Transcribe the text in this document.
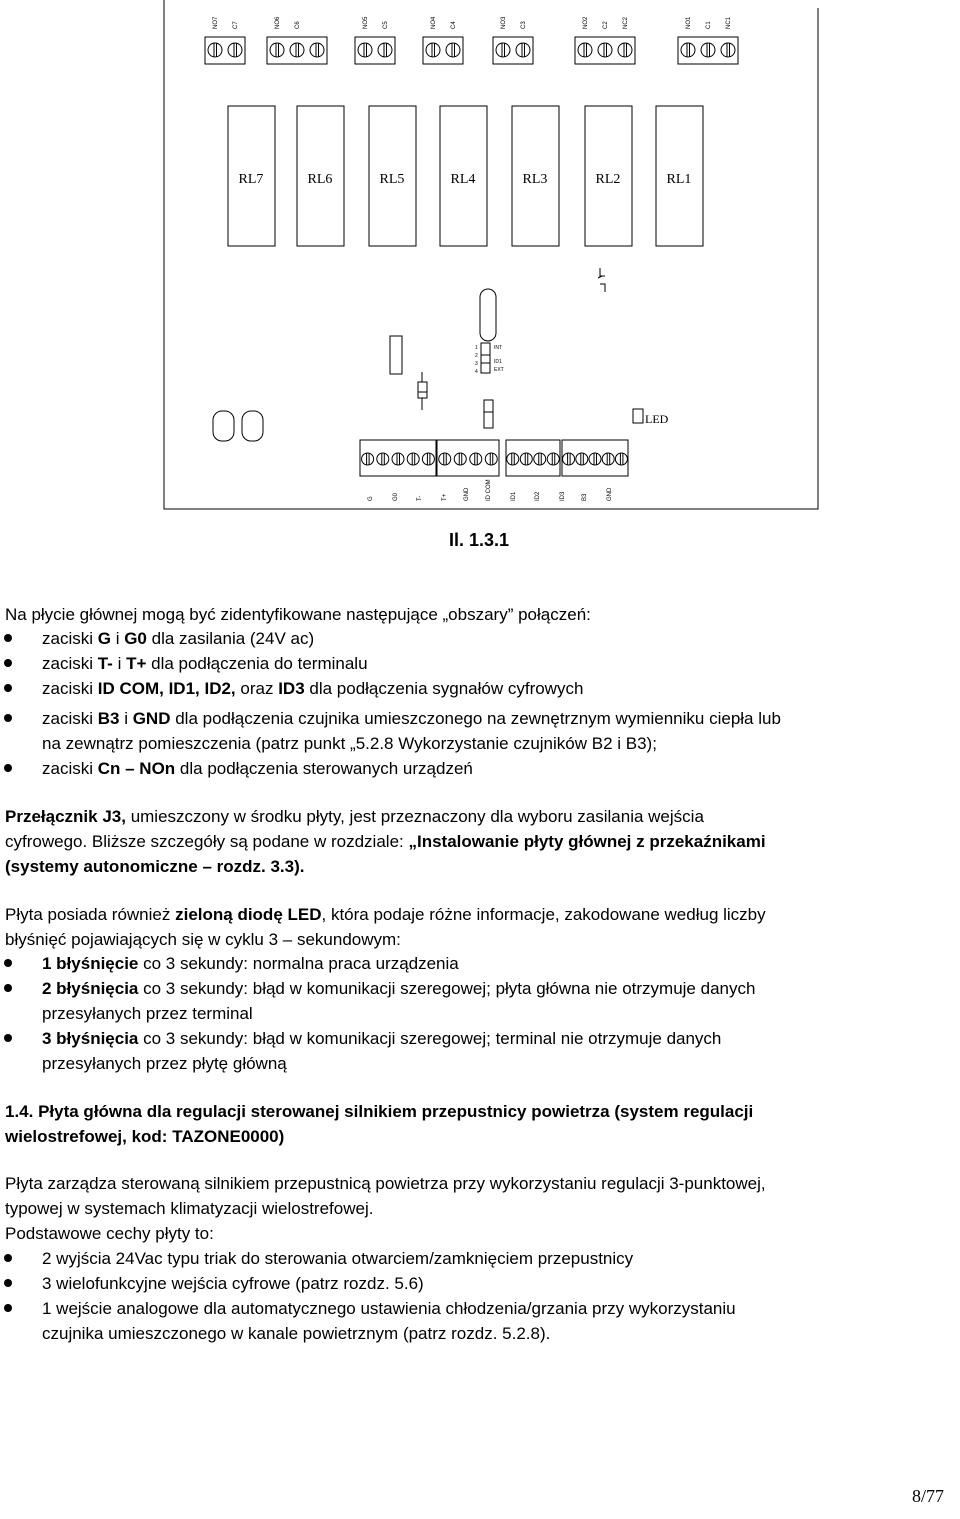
NO7 C7	NO6 C6	NO5 C5	NO4 C4	NO3 C3	NO2 C2 NC2	NO1 C1 NC1
RL7	RL6	RL5	RL4	RL3	RL2	RL1
1
2
3
4
INT
ID1
EXT
LED
G	G0	T-	T+	GND	ID COM	ID1	ID2	ID3	B3	GND
Il. 1.3.1
Na płycie głównej mogą być zidentyfikowane następujące „obszary” połączeń:
zaciski G i G0 dla zasilania (24V ac)
zaciski T- i T+ dla podłączenia do terminalu
zaciski ID COM, ID1, ID2, oraz ID3 dla podłączenia sygnałów cyfrowych
zaciski B3 i GND dla podłączenia czujnika umieszczonego na zewnętrznym wymienniku ciepła lub
na zewnątrz pomieszczenia (patrz punkt „5.2.8 Wykorzystanie czujników B2 i B3);
zaciski Cn – NOn dla podłączenia sterowanych urządzeń
Przełącznik J3, umieszczony w środku płyty, jest przeznaczony dla wyboru zasilania wejścia
cyfrowego. Bliższe szczegóły są podane w rozdziale: „Instalowanie płyty głównej z przekaźnikami
(systemy autonomiczne – rozdz. 3.3).
Płyta posiada również zieloną diodę LED, która podaje różne informacje, zakodowane według liczby
błyśnięć pojawiających się w cyklu 3 – sekundowym:
1 błyśnięcie co 3 sekundy: normalna praca urządzenia
2 błyśnięcia co 3 sekundy: błąd w komunikacji szeregowej; płyta główna nie otrzymuje danych
przesyłanych przez terminal
3 błyśnięcia co 3 sekundy: błąd w komunikacji szeregowej; terminal nie otrzymuje danych
przesyłanych przez płytę główną
1.4. Płyta główna dla regulacji sterowanej silnikiem przepustnicy powietrza (system regulacji
wielostrefowej, kod: TAZONE0000)
Płyta zarządza sterowaną silnikiem przepustnicą powietrza przy wykorzystaniu regulacji 3-punktowej,
typowej w systemach klimatyzacji wielostrefowej.
Podstawowe cechy płyty to:
2 wyjścia 24Vac typu triak do sterowania otwarciem/zamknięciem przepustnicy
3 wielofunkcyjne wejścia cyfrowe (patrz rozdz. 5.6)
1 wejście analogowe dla automatycznego ustawienia chłodzenia/grzania przy wykorzystaniu
czujnika umieszczonego w kanale powietrznym (patrz rozdz. 5.2.8).
8/77
